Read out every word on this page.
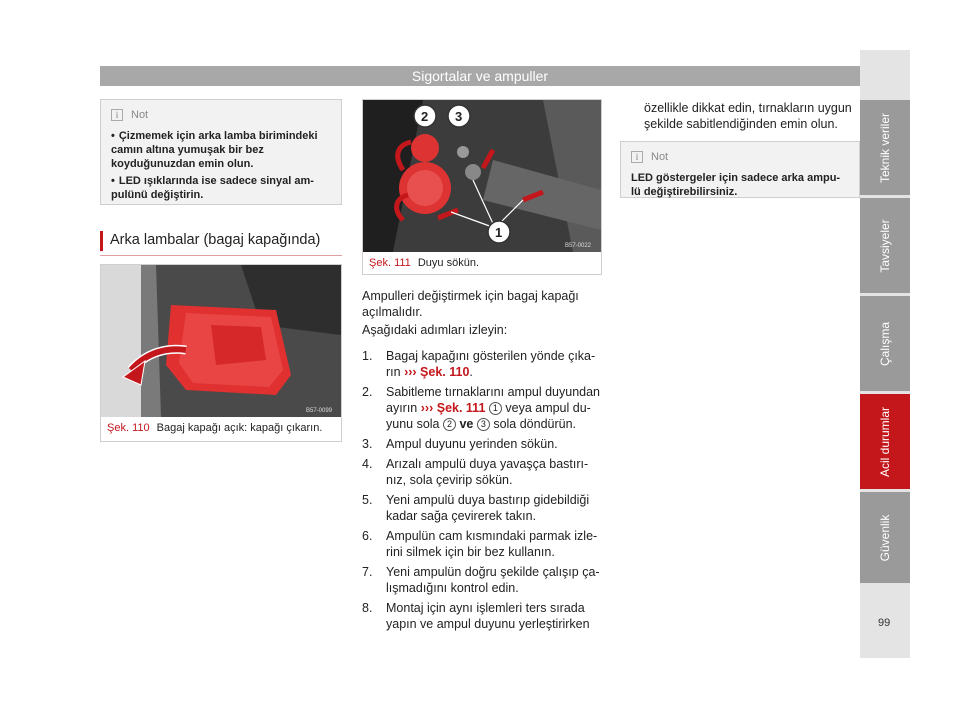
Sigortalar ve ampuller
i	Not

• Çizmemek için arka lamba birimindeki camın altına yumuşak bir bez koyduğunuzdan emin olun.

• LED ışıklarında ise sadece sinyal am- pulünü değiştirin.

Arka lambalar (bagaj kapağında)
B57-0099
Şek. 110 Bagaj kapağı açık: kapağı çıkarın.
2 3
1
B57-0022
Şek. 111 Duyu sökün.
Ampulleri değiştirmek için bagaj kapağı açılmalıdır.
Aşağıdaki adımları izleyin:
1.	Bagaj kapağını gösterilen yönde çıka- rın ››› Şek. 110.
2.	Sabitleme tırnaklarını ampul duyundan ayırın ››› Şek. 111 1 veya ampul du- yunu sola 2 ve 3 sola döndürün.
3.	Ampul duyunu yerinden sökün.
4.	Arızalı ampulü duya yavaşça bastırı- nız, sola çevirip sökün.
5.	Yeni ampulü duya bastırıp gidebildiği kadar sağa çevirerek takın.
6.	Ampulün cam kısmındaki parmak izle- rini silmek için bir bez kullanın.
7.	Yeni ampulün doğru şekilde çalışıp ça- lışmadığını kontrol edin.
8.	Montaj için aynı işlemleri ters sırada yapın ve ampul duyunu yerleştirirken
özellikle dikkat edin, tırnakların uygun şekilde sabitlendiğinden emin olun.
i	Not
LED göstergeler için sadece arka ampu- lü değiştirebilirsiniz.
Teknik veriler
Tavsiyeler
Çalışma
Acil durumlar
Güvenlik
99
